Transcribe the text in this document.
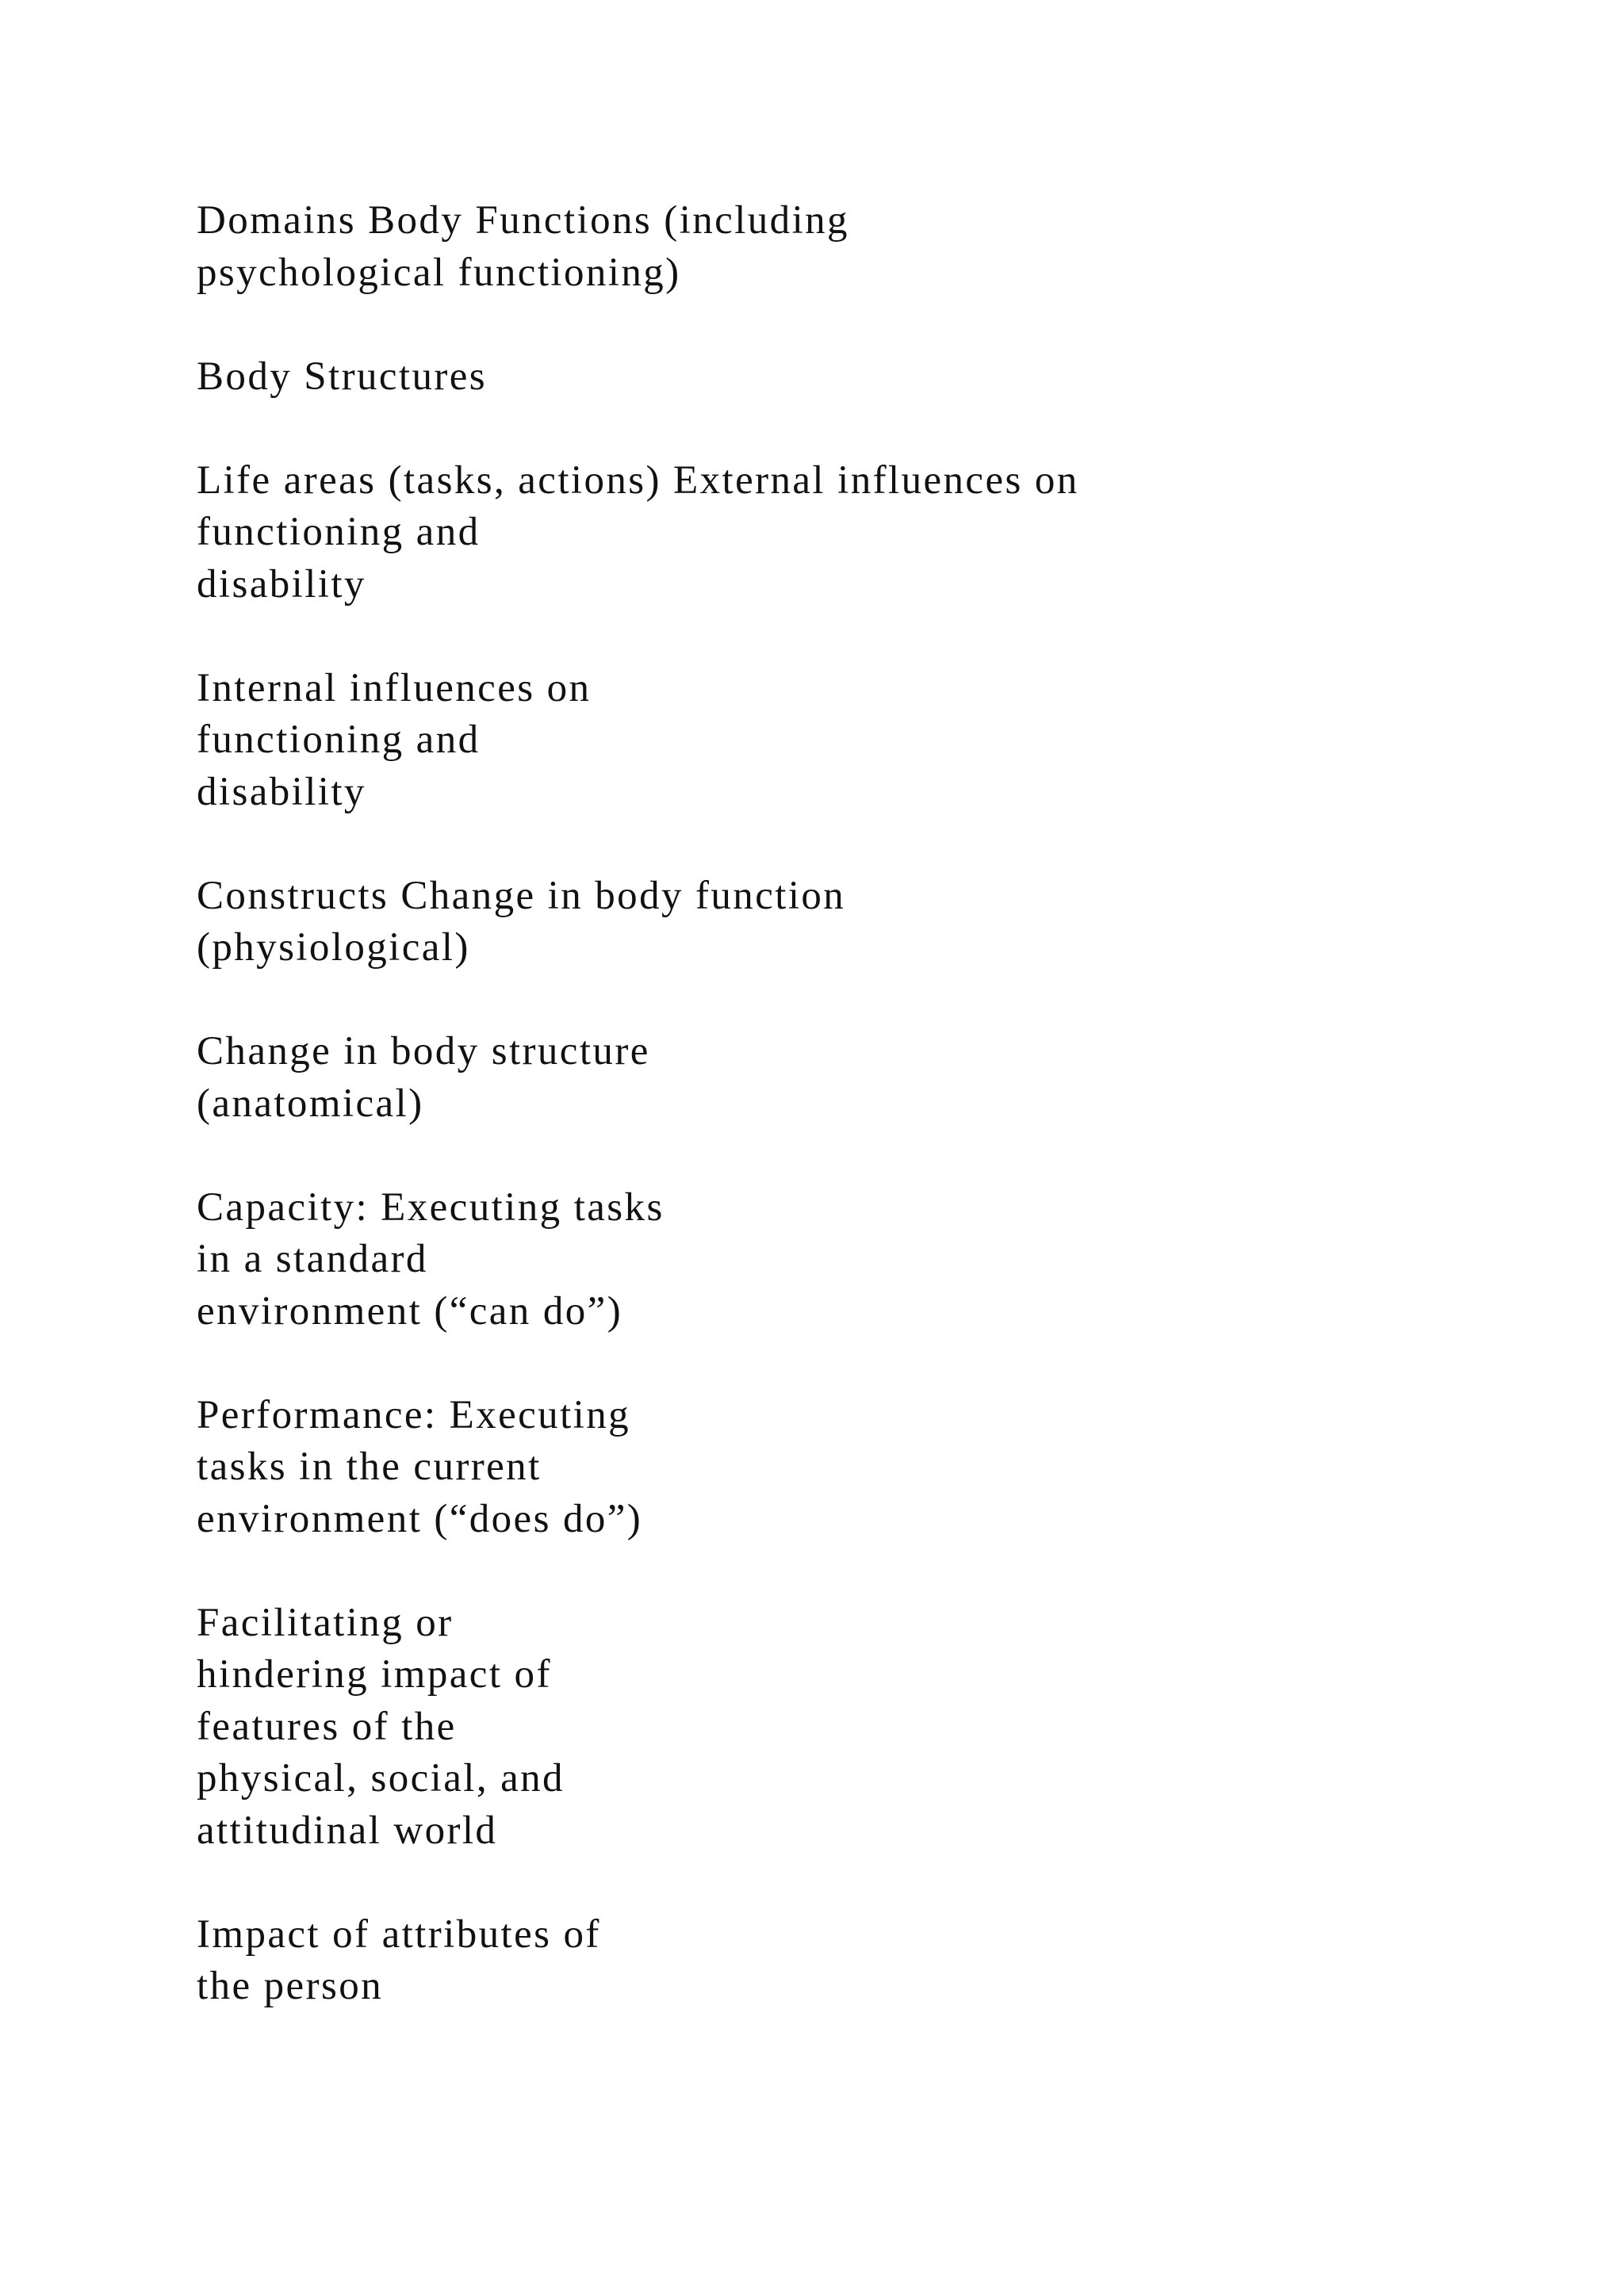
Domains Body Functions (including
psychological functioning)

Body Structures

Life areas (tasks, actions) External influences on
functioning and
disability

Internal influences on
functioning and
disability

Constructs Change in body function
(physiological)

Change in body structure
(anatomical)

Capacity: Executing tasks
in a standard
environment (“can do”)

Performance: Executing
tasks in the current
environment (“does do”)

Facilitating or
hindering impact of
features of the
physical, social, and
attitudinal world

Impact of attributes of
the person
